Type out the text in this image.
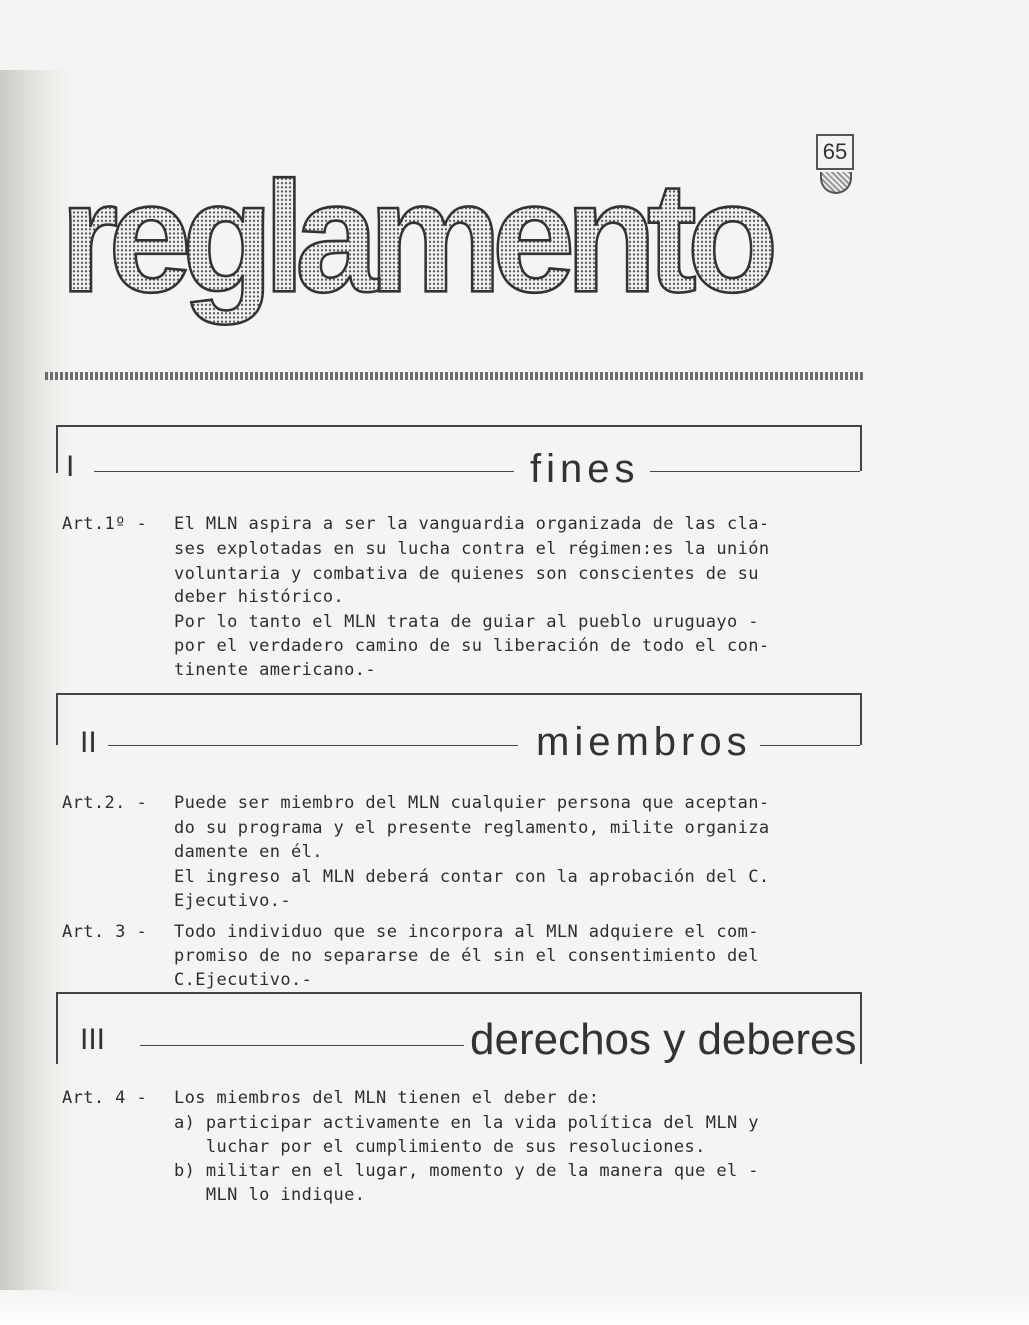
65
reglamento
I	fines
Art.1º - El MLN aspira a ser la vanguardia organizada de las cla-
ses explotadas en su lucha contra el régimen:es la unión
voluntaria y combativa de quienes son conscientes de su
deber histórico.
Por lo tanto el MLN trata de guiar al pueblo uruguayo -
por el verdadero camino de su liberación de todo el con-
tinente americano.-
II	miembros
Art.2. - Puede ser miembro del MLN cualquier persona que aceptan-
do su programa y el presente reglamento, milite organiza
damente en él.
El ingreso al MLN deberá contar con la aprobación del C.
Ejecutivo.-
Art. 3 - Todo individuo que se incorpora al MLN adquiere el com-
promiso de no separarse de él sin el consentimiento del
C.Ejecutivo.-
III	derechos y deberes
Art. 4 - Los miembros del MLN tienen el deber de:
a) participar activamente en la vida política del MLN y
luchar por el cumplimiento de sus resoluciones.
b) militar en el lugar, momento y de la manera que el -
MLN lo indique.
